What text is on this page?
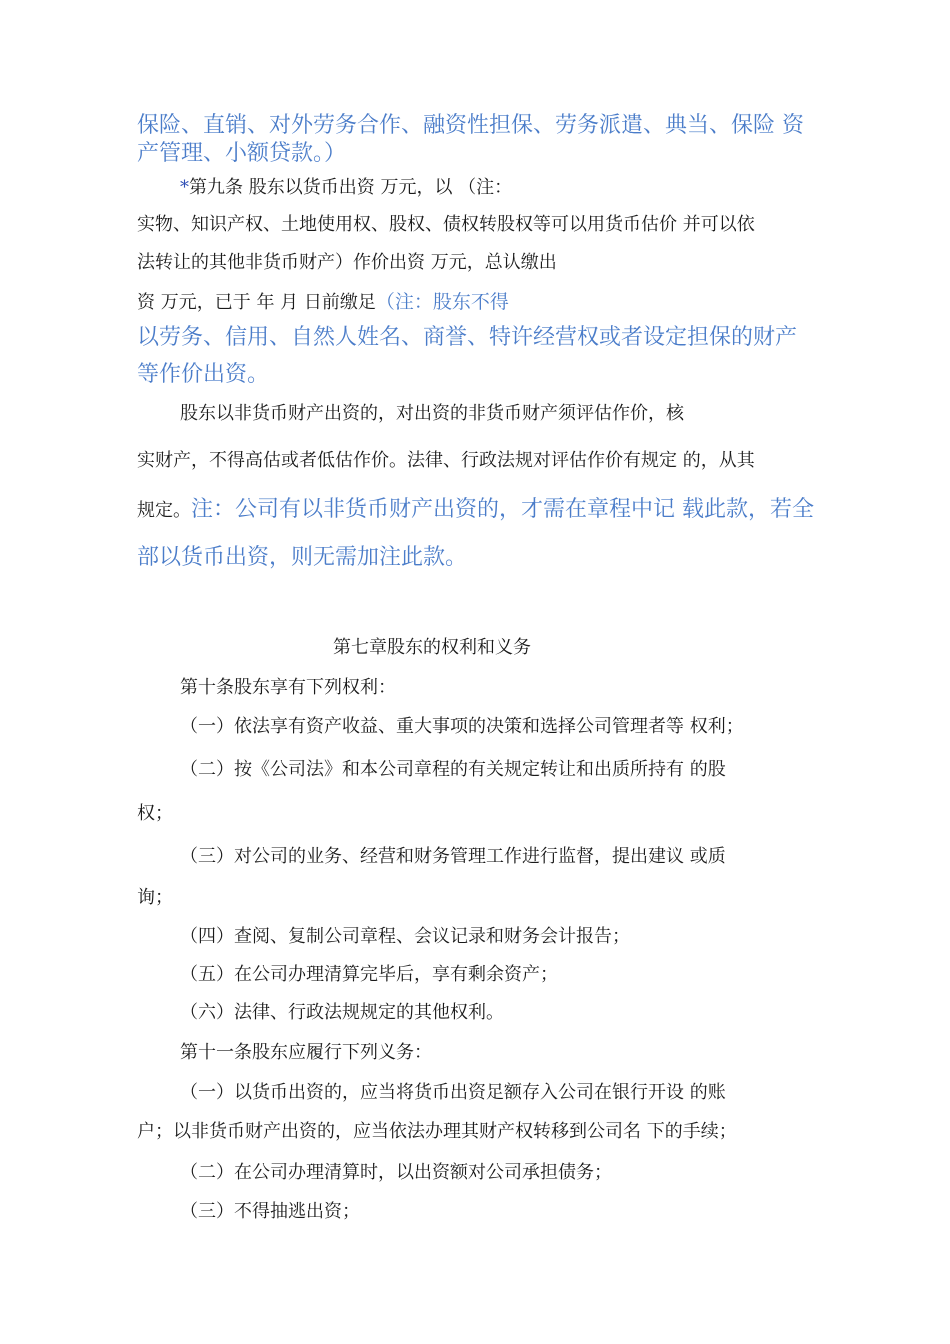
保险、直销、对外劳务合作、融资性担保、劳务派遣、典当、保险 资
产管理、小额贷款。）
*第九条 股东以货币出资 万元，以 （注：
实物、知识产权、土地使用权、股权、债权转股权等可以用货币估价 并可以依
法转让的其他非货币财产）作价出资 万元，总认缴出
资 万元，已于 年 月 日前缴足（注：股东不得
以劳务、信用、自然人姓名、商誉、特许经营权或者设定担保的财产
等作价出资。
股东以非货币财产出资的，对出资的非货币财产须评估作价，核
实财产，不得高估或者低估作价。法律、行政法规对评估作价有规定 的，从其
规定。注：公司有以非货币财产出资的，才需在章程中记 载此款，若全
部以货币出资，则无需加注此款。
第七章股东的权利和义务
第十条股东享有下列权利：
（一）依法享有资产收益、重大事项的决策和选择公司管理者等 权利；
（二）按《公司法》和本公司章程的有关规定转让和出质所持有 的股
权；
（三）对公司的业务、经营和财务管理工作进行监督，提出建议 或质
询；
（四）查阅、复制公司章程、会议记录和财务会计报告；
（五）在公司办理清算完毕后，享有剩余资产；
（六）法律、行政法规规定的其他权利。
第十一条股东应履行下列义务：
（一）以货币出资的，应当将货币出资足额存入公司在银行开设 的账
户；以非货币财产出资的，应当依法办理其财产权转移到公司名 下的手续；
（二）在公司办理清算时，以出资额对公司承担债务；
（三）不得抽逃出资；
